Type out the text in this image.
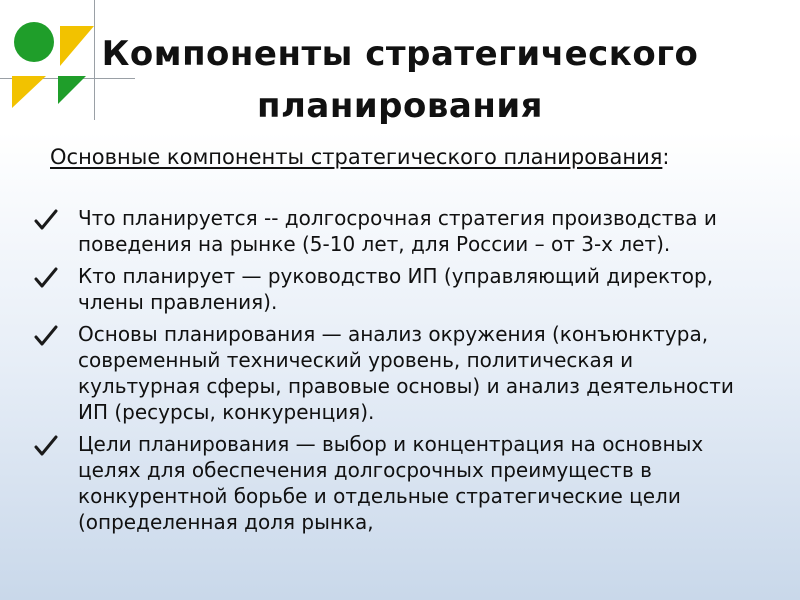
Компоненты стратегического
планирования
Основные компоненты стратегического планирования:
Что планируется -- долгосрочная стратегия производства и поведения на рынке (5-10 лет, для России – от 3-х лет).
Кто планирует — руководство ИП (управляющий директор, члены правления).
Основы планирования — анализ окружения (конъюнктура, современный технический уровень, политическая и культурная сферы, правовые основы) и анализ деятельности ИП (ресурсы, конкуренция).
Цели планирования — выбор и концентрация на основных целях для обеспечения долгосрочных преимуществ в конкурентной борьбе и отдельные стратегические цели (определенная доля рынка,
